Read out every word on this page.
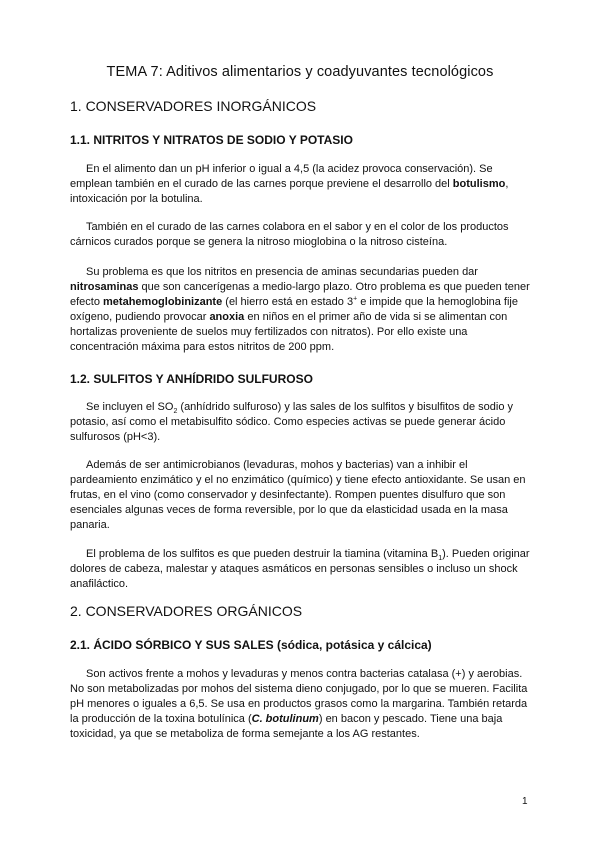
TEMA 7: Aditivos alimentarios y coadyuvantes tecnológicos
1. CONSERVADORES INORGÁNICOS
1.1. NITRITOS Y NITRATOS DE SODIO Y POTASIO

En el alimento dan un pH inferior o igual a 4,5 (la acidez provoca conservación). Se emplean también en el curado de las carnes porque previene el desarrollo del botulismo, intoxicación por la botulina.

También en el curado de las carnes colabora en el sabor y en el color de los productos cárnicos curados porque se genera la nitroso mioglobina o la nitroso cisteína.

Su problema es que los nitritos en presencia de aminas secundarias pueden dar nitrosaminas que son cancerígenas a medio-largo plazo. Otro problema es que pueden tener efecto metahemoglobinizante (el hierro está en estado 3+ e impide que la hemoglobina fije oxígeno, pudiendo provocar anoxia en niños en el primer año de vida si se alimentan con hortalizas proveniente de suelos muy fertilizados con nitratos). Por ello existe una concentración máxima para estos nitritos de 200 ppm.

1.2. SULFITOS Y ANHÍDRIDO SULFUROSO

Se incluyen el $SO_2$ (anhídrido sulfuroso) y las sales de los sulfitos y bisulfitos de sodio y potasio, así como el metabisulfito sódico. Como especies activas se puede generar ácido sulfurosos (pH<3).

Además de ser antimicrobianos (levaduras, mohos y bacterias) van a inhibir el pardeamiento enzimático y el no enzimático (químico) y tiene efecto antioxidante. Se usan en frutas, en el vino (como conservador y desinfectante). Rompen puentes disulfuro que son esenciales algunas veces de forma reversible, por lo que da elasticidad usada en la masa panaria.

El problema de los sulfitos es que pueden destruir la tiamina (vitamina $B_1$). Pueden originar dolores de cabeza, malestar y ataques asmáticos en personas sensibles o incluso un shock anafiláctico.

2. CONSERVADORES ORGÁNICOS
2.1. ÁCIDO SÓRBICO Y SUS SALES (sódica, potásica y cálcica)

Son activos frente a mohos y levaduras y menos contra bacterias catalasa (+) y aerobias. No son metabolizadas por mohos del sistema dieno conjugado, por lo que se mueren. Facilita pH menores o iguales a 6,5. Se usa en productos grasos como la margarina. También retarda la producción de la toxina botulínica (C. botulinum) en bacon y pescado. Tiene una baja toxicidad, ya que se metaboliza de forma semejante a los AG restantes.

1
